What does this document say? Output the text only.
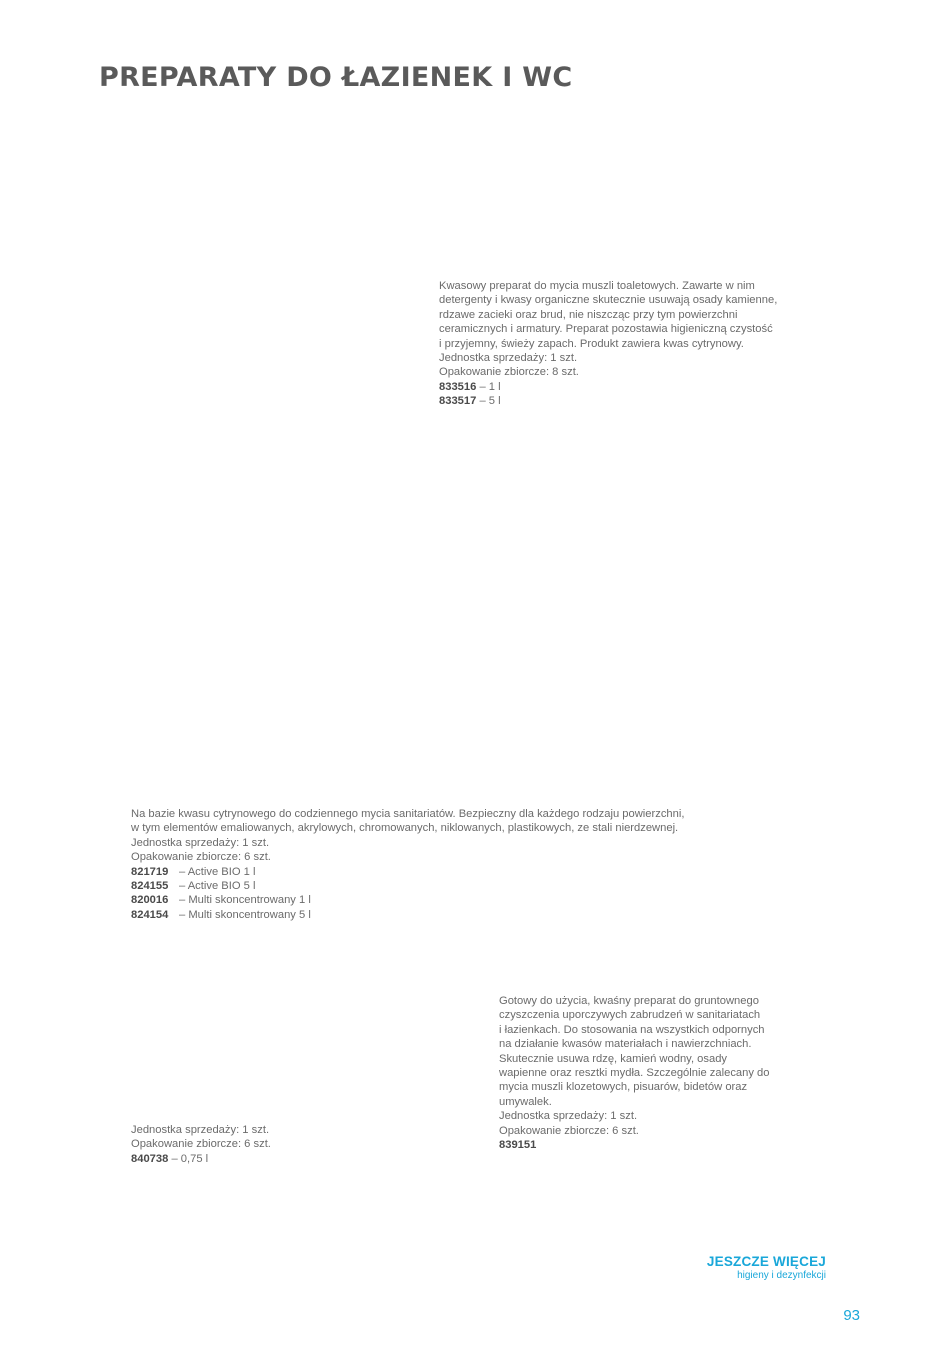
PREPARATY DO ŁAZIENEK I WC
Kwasowy preparat do mycia muszli toaletowych. Zawarte w nim
detergenty i kwasy organiczne skutecznie usuwają osady kamienne,
rdzawe zacieki oraz brud, nie niszcząc przy tym powierzchni
ceramicznych i armatury. Preparat pozostawia higieniczną czystość
i przyjemny, świeży zapach. Produkt zawiera kwas cytrynowy.
Jednostka sprzedaży: 1 szt.
Opakowanie zbiorcze: 8 szt.
833516 – 1 l
833517 – 5 l
Na bazie kwasu cytrynowego do codziennego mycia sanitariatów. Bezpieczny dla każdego rodzaju powierzchni,
w tym elementów emaliowanych, akrylowych, chromowanych, niklowanych, plastikowych, ze stali nierdzewnej.
Jednostka sprzedaży: 1 szt.
Opakowanie zbiorcze: 6 szt.
821719 – Active BIO 1 l
824155 – Active BIO 5 l
820016 – Multi skoncentrowany 1 l
824154 – Multi skoncentrowany 5 l
Jednostka sprzedaży: 1 szt.
Opakowanie zbiorcze: 6 szt.
840738 – 0,75 l
Gotowy do użycia, kwaśny preparat do gruntownego
czyszczenia uporczywych zabrudzeń w sanitariatach
i łazienkach. Do stosowania na wszystkich odpornych
na działanie kwasów materiałach i nawierzchniach.
Skutecznie usuwa rdzę, kamień wodny, osady
wapienne oraz resztki mydła. Szczególnie zalecany do
mycia muszli klozetowych, pisuarów, bidetów oraz
umywalek.
Jednostka sprzedaży: 1 szt.
Opakowanie zbiorcze: 6 szt.
839151
JESZCZE WIĘCEJ
higieny i dezynfekcji
93
